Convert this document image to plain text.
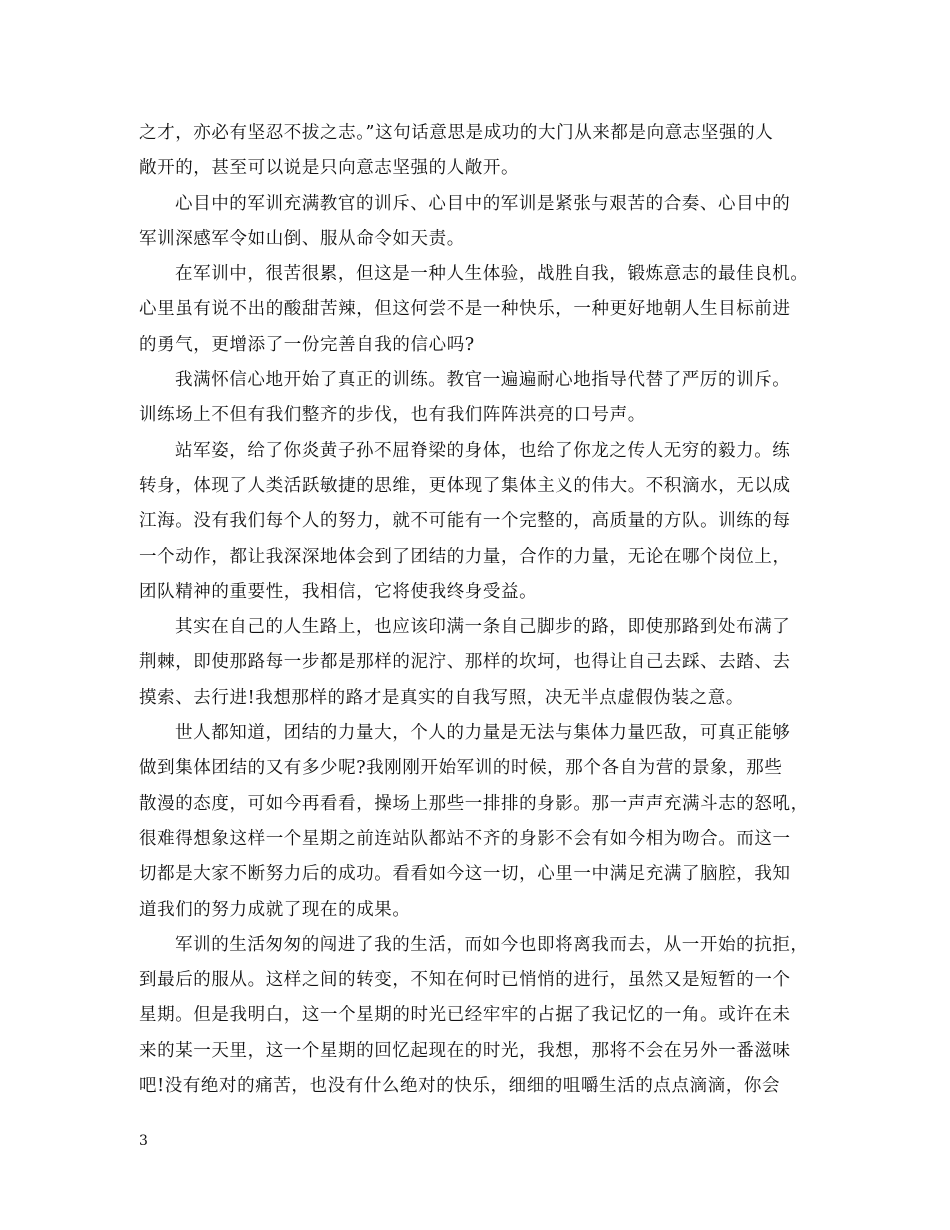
之才，亦必有坚忍不拔之志。”这句话意思是成功的大门从来都是向意志坚强的人
敞开的，甚至可以说是只向意志坚强的人敞开。
心目中的军训充满教官的训斥、心目中的军训是紧张与艰苦的合奏、心目中的
军训深感军令如山倒、服从命令如天责。
在军训中，很苦很累，但这是一种人生体验，战胜自我，锻炼意志的最佳良机。
心里虽有说不出的酸甜苦辣，但这何尝不是一种快乐，一种更好地朝人生目标前进
的勇气，更增添了一份完善自我的信心吗?
我满怀信心地开始了真正的训练。教官一遍遍耐心地指导代替了严厉的训斥。
训练场上不但有我们整齐的步伐，也有我们阵阵洪亮的口号声。
站军姿，给了你炎黄子孙不屈脊梁的身体，也给了你龙之传人无穷的毅力。练
转身，体现了人类活跃敏捷的思维，更体现了集体主义的伟大。不积滴水，无以成
江海。没有我们每个人的努力，就不可能有一个完整的，高质量的方队。训练的每
一个动作，都让我深深地体会到了团结的力量，合作的力量，无论在哪个岗位上，
团队精神的重要性，我相信，它将使我终身受益。
其实在自己的人生路上，也应该印满一条自己脚步的路，即使那路到处布满了
荆棘，即使那路每一步都是那样的泥泞、那样的坎坷，也得让自己去踩、去踏、去
摸索、去行进!我想那样的路才是真实的自我写照，决无半点虚假伪装之意。
世人都知道，团结的力量大，个人的力量是无法与集体力量匹敌，可真正能够
做到集体团结的又有多少呢?我刚刚开始军训的时候，那个各自为营的景象，那些
散漫的态度，可如今再看看，操场上那些一排排的身影。那一声声充满斗志的怒吼，
很难得想象这样一个星期之前连站队都站不齐的身影不会有如今相为吻合。而这一
切都是大家不断努力后的成功。看看如今这一切，心里一中满足充满了脑腔，我知
道我们的努力成就了现在的成果。
军训的生活匆匆的闯进了我的生活，而如今也即将离我而去，从一开始的抗拒，
到最后的服从。这样之间的转变，不知在何时已悄悄的进行，虽然又是短暂的一个
星期。但是我明白，这一个星期的时光已经牢牢的占据了我记忆的一角。或许在未
来的某一天里，这一个星期的回忆起现在的时光，我想，那将不会在另外一番滋味
吧!没有绝对的痛苦，也没有什么绝对的快乐，细细的咀嚼生活的点点滴滴，你会
3
